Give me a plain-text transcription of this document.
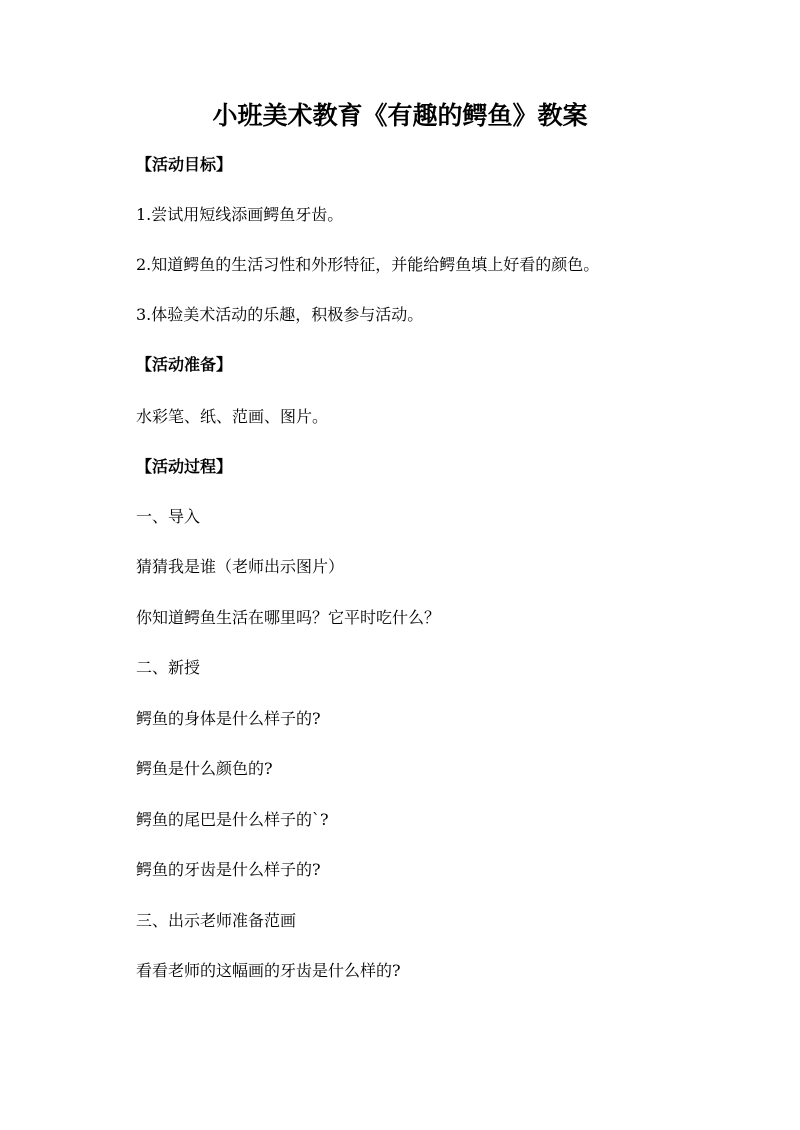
小班美术教育《有趣的鳄鱼》教案
【活动目标】
1.尝试用短线添画鳄鱼牙齿。
2.知道鳄鱼的生活习性和外形特征，并能给鳄鱼填上好看的颜色。
3.体验美术活动的乐趣，积极参与活动。
【活动准备】
水彩笔、纸、范画、图片。
【活动过程】
一、导入
猜猜我是谁（老师出示图片）
你知道鳄鱼生活在哪里吗？它平时吃什么？
二、新授
鳄鱼的身体是什么样子的?
鳄鱼是什么颜色的?
鳄鱼的尾巴是什么样子的`?
鳄鱼的牙齿是什么样子的?
三、出示老师准备范画
看看老师的这幅画的牙齿是什么样的?
